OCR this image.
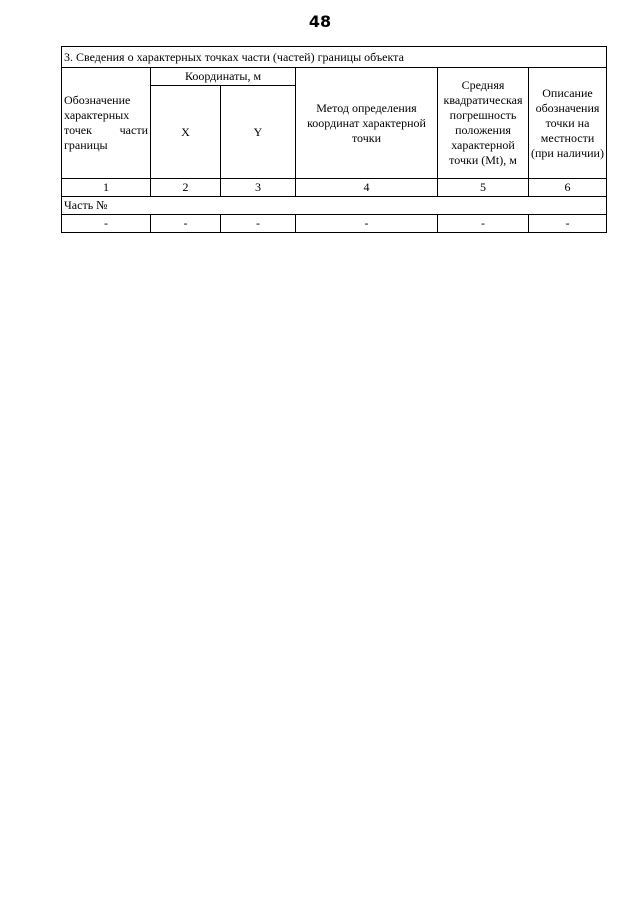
48
3. Сведения о характерных точках части (частей) границы объекта					
Обозначение характерных точек части границы	Координаты, м		Метод определения координат характерной точки	Средняя квадратическая погрешность положения характерной точки (Mt), м	Описание обозначения точки на местности (при наличии)
	X	Y			
1	2	3	4	5	6
Часть №					
-	-	-	-	-	-
